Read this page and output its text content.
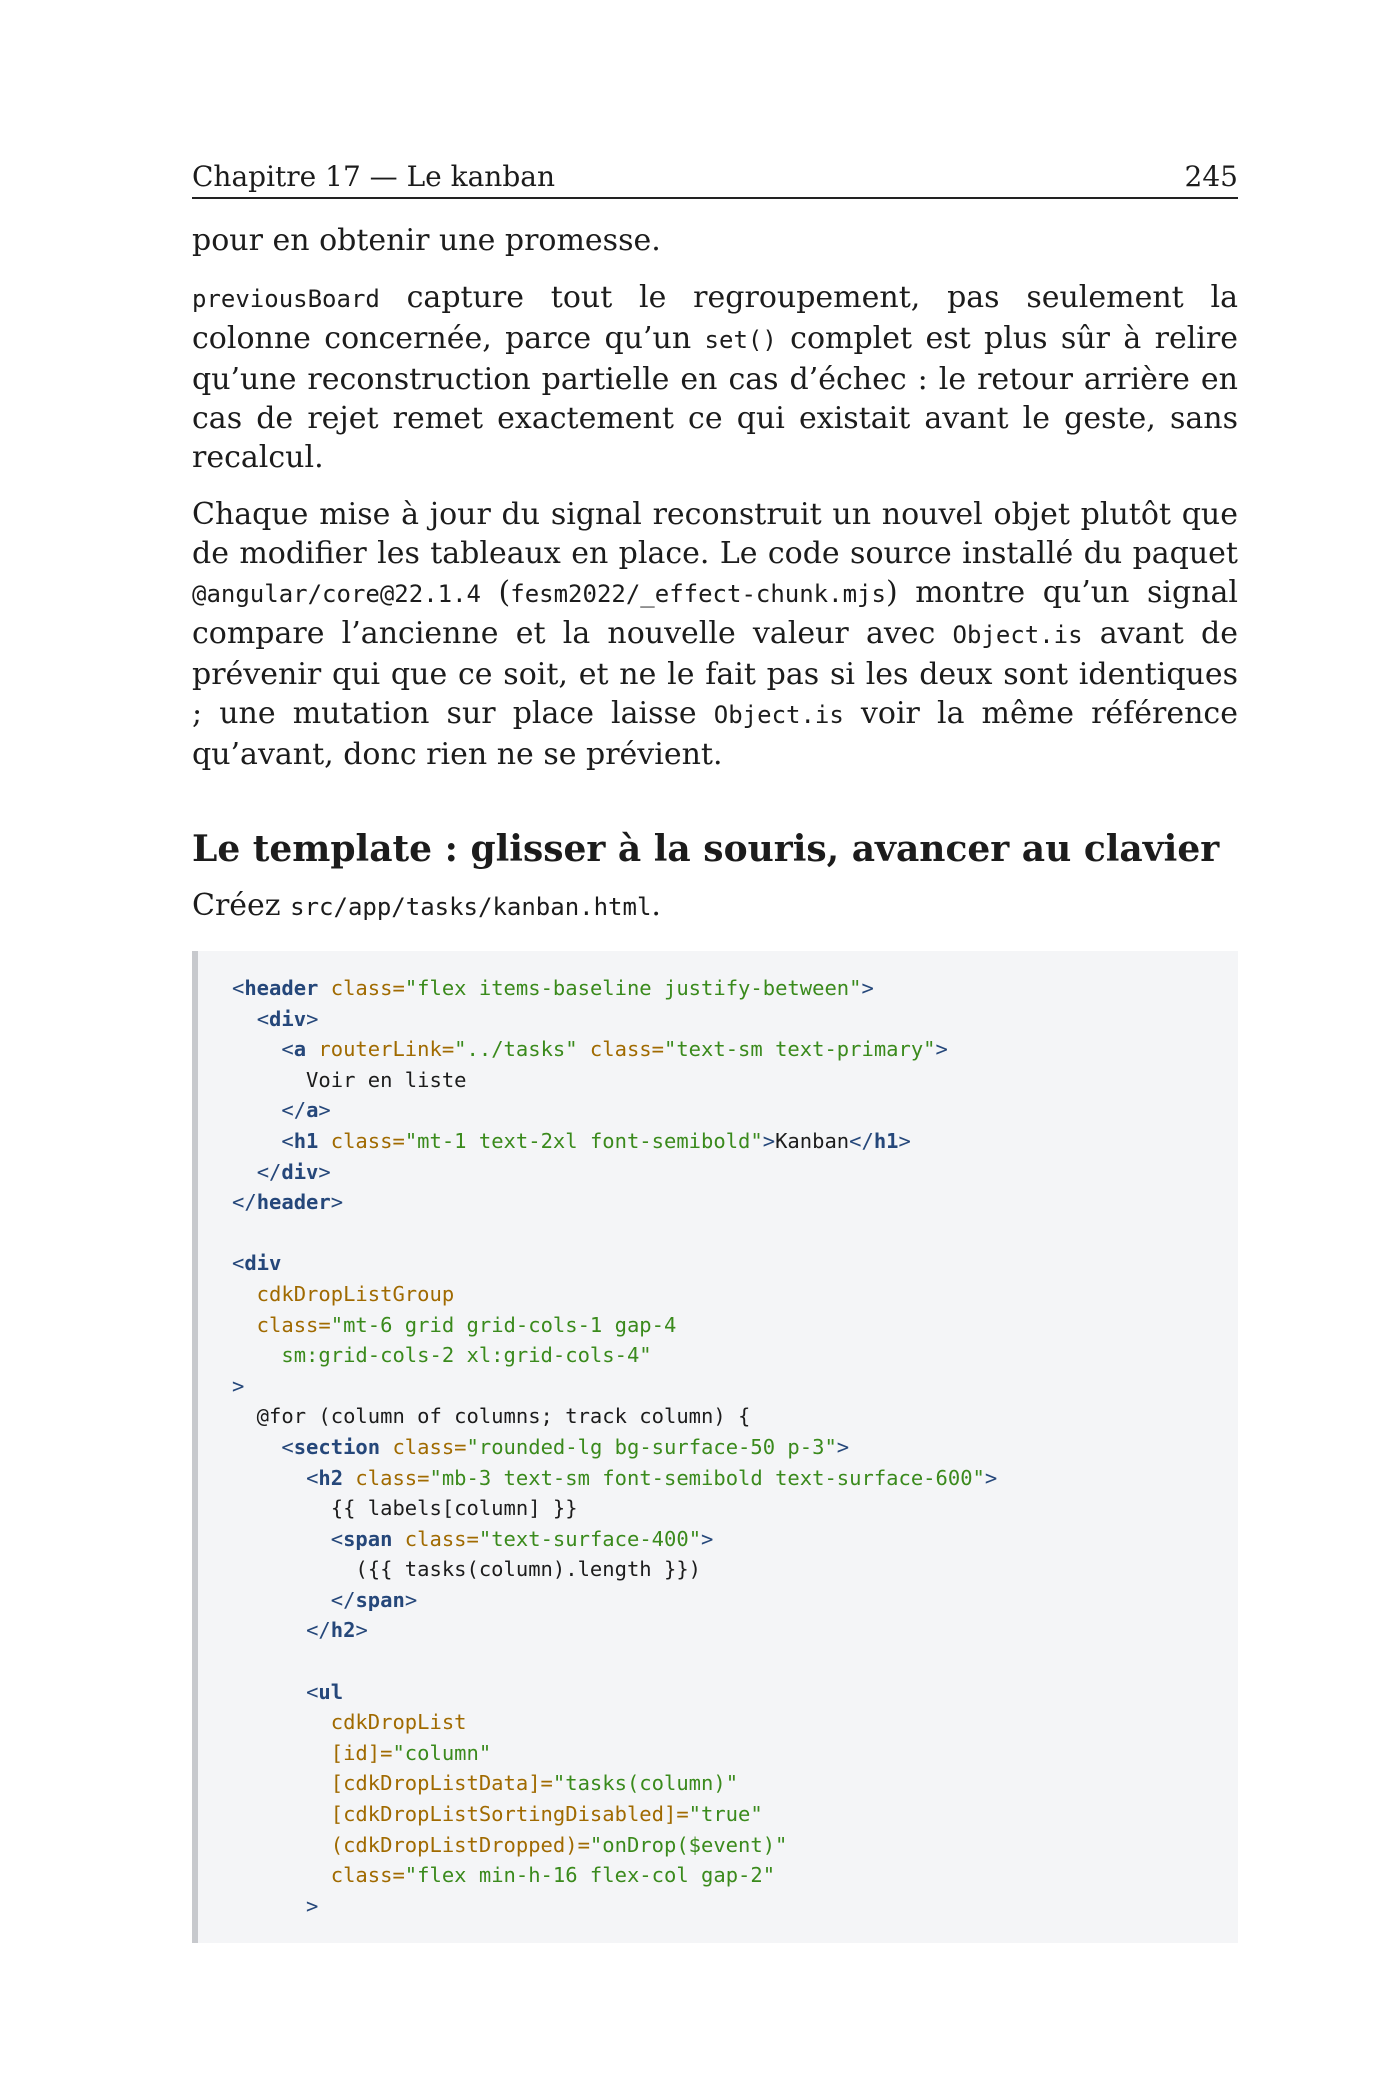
Chapitre 17 — Le kanban	245

pour en obtenir une promesse.

previousBoard capture tout le regroupement, pas seulement la colonne concernée, parce qu’un set() complet est plus sûr à relire qu’une reconstruction partielle en cas d’échec : le retour arrière en cas de rejet remet exactement ce qui existait avant le geste, sans recalcul.

Chaque mise à jour du signal reconstruit un nouvel objet plutôt que de modifier les tableaux en place. Le code source installé du paquet @angular/core@22.1.4 (fesm2022/_effect-chunk.mjs) montre qu’un signal compare l’ancienne et la nouvelle valeur avec Object.is avant de prévenir qui que ce soit, et ne le fait pas si les deux sont identiques ; une mutation sur place laisse Object.is voir la même référence qu’avant, donc rien ne se prévient.

Le template : glisser à la souris, avancer au clavier

Créez src/app/tasks/kanban.html.

<header class="flex items-baseline justify-between">
<div>
<a routerLink="../tasks" class="text-sm text-primary">
Voir en liste
</a>
<h1 class="mt-1 text-2xl font-semibold">Kanban</h1>
</div>
</header>
<div
cdkDropListGroup
class="mt-6 grid grid-cols-1 gap-4
sm:grid-cols-2 xl:grid-cols-4"
>
@for (column of columns; track column) {
<section class="rounded-lg bg-surface-50 p-3">
<h2 class="mb-3 text-sm font-semibold text-surface-600">
{{ labels[column] }}
<span class="text-surface-400">
({{ tasks(column).length }})
</span>
</h2>
<ul
cdkDropList
[id]="column"
[cdkDropListData]="tasks(column)"
[cdkDropListSortingDisabled]="true"
(cdkDropListDropped)="onDrop($event)"
class="flex min-h-16 flex-col gap-2"
>
